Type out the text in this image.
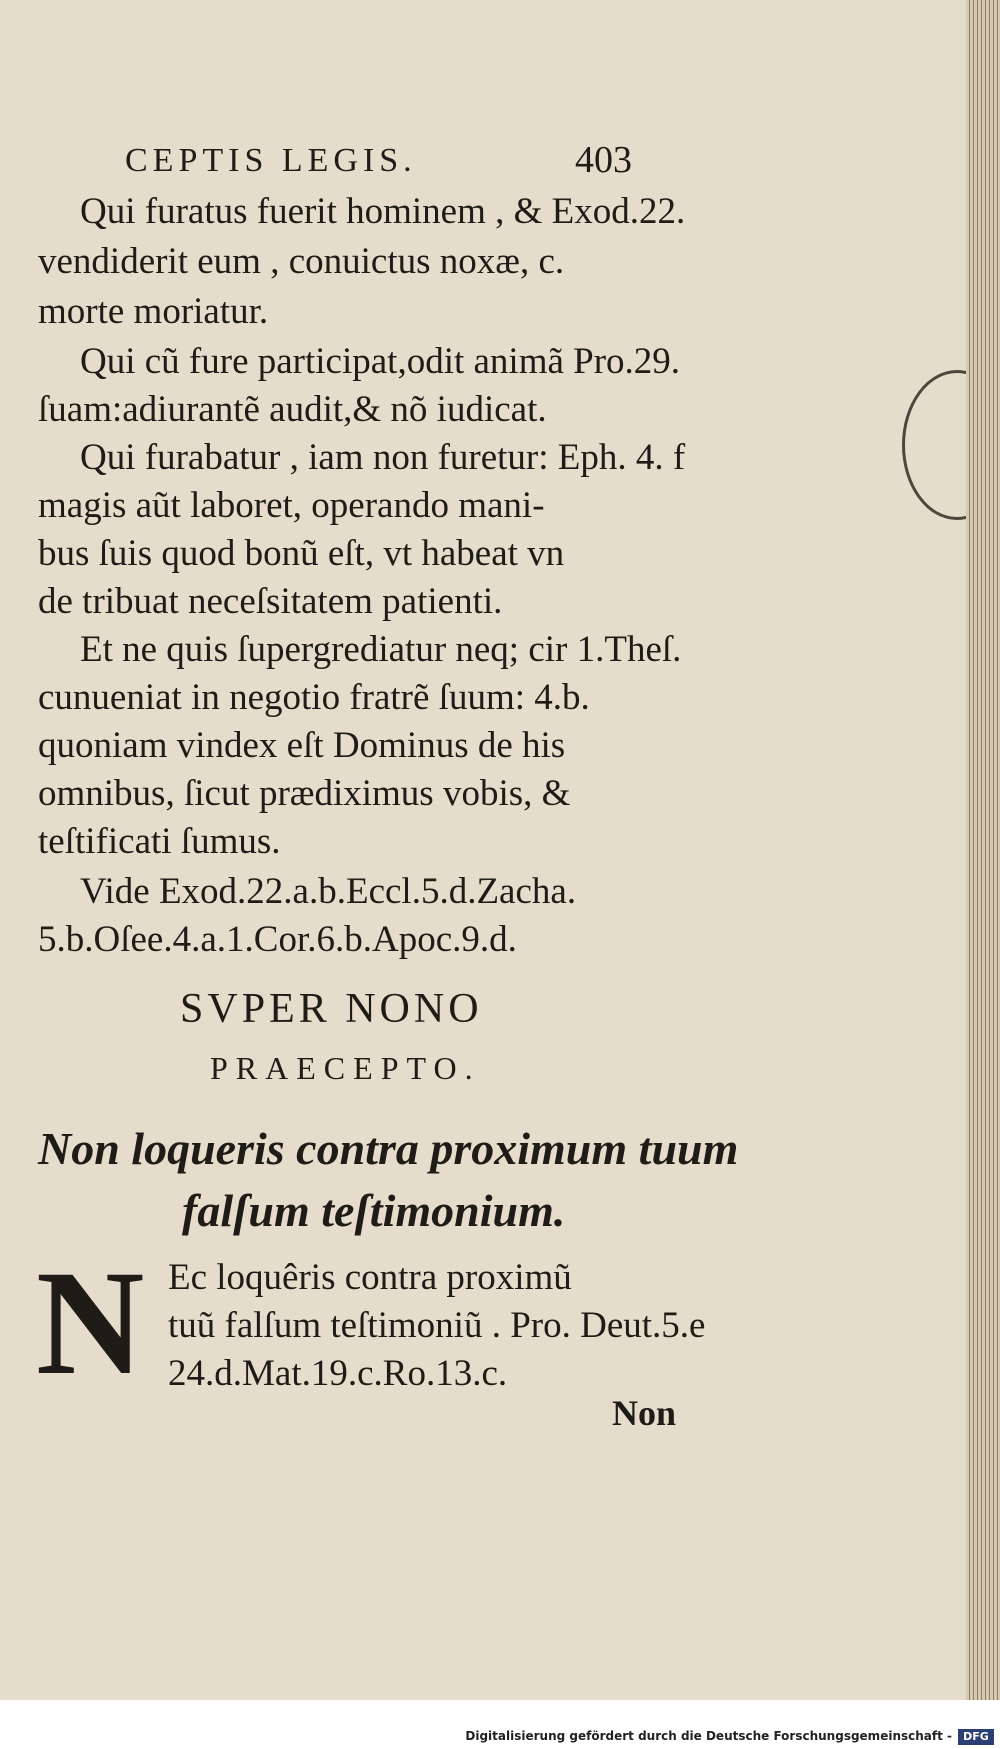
CEPTIS LEGIS.	403
Qui furatus fuerit hominem , & Exod.22.
vendiderit eum , conuictus noxæ, c.
morte moriatur.
Qui cũ fure participat,odit animã Pro.29.
ſuam:adiurantẽ audit,& nõ iudicat.
Qui furabatur , iam non furetur: Eph. 4. f
magis aũt laboret, operando mani-
bus ſuis quod bonũ eſt, vt habeat vn
de tribuat neceſsitatem patienti.
Et ne quis ſupergrediatur neq; cir 1.Theſ.
cunueniat in negotio fratrẽ ſuum: 4.b.
quoniam vindex eſt Dominus de his
omnibus, ſicut prædiximus vobis, &
teſtificati ſumus.
Vide Exod.22.a.b.Eccl.5.d.Zacha.
5.b.Oſee.4.a.1.Cor.6.b.Apoc.9.d.
SVPER NONO
PRAECEPTO.
Non loqueris contra proximum tuum
falſum teſtimonium.
N Ec loquêris contra proximũ
tuũ falſum teſtimoniũ . Pro. Deut.5.e
24.d.Mat.19.c.Ro.13.c.
Non
Digitalisierung gefördert durch die Deutsche Forschungsgemeinschaft -	DFG
